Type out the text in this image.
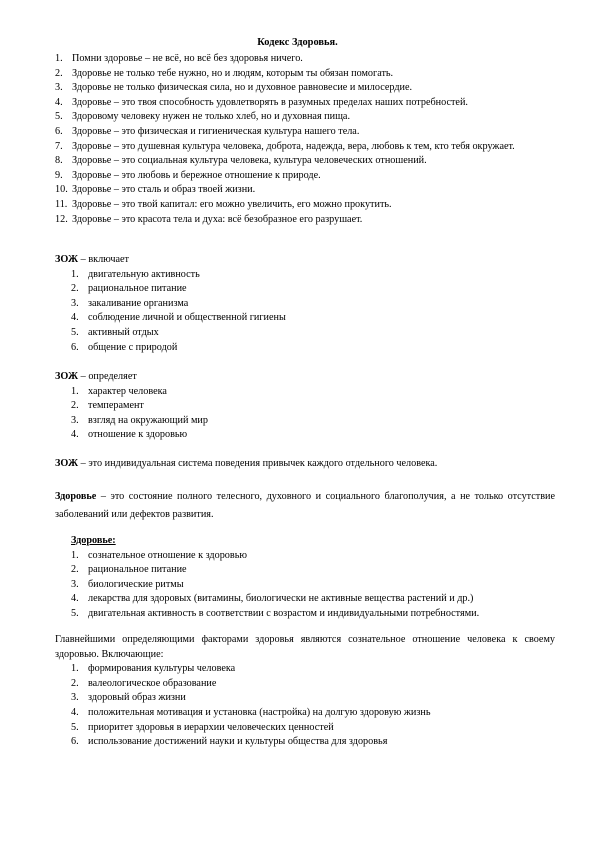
Кодекс Здоровья.
1. Помни здоровье – не всё, но всё без здоровья ничего.
2. Здоровье не только тебе нужно, но и людям, которым ты обязан помогать.
3. Здоровье не только физическая сила, но и духовное равновесие и милосердие.
4. Здоровье – это твоя способность удовлетворять в разумных пределах наших потребностей.
5. Здоровому человеку нужен не только хлеб, но и духовная пища.
6. Здоровье – это физическая и гигиеническая культура нашего тела.
7. Здоровье – это душевная культура человека, доброта, надежда, вера, любовь к тем, кто тебя окружает.
8. Здоровье – это социальная культура человека, культура человеческих отношений.
9. Здоровье – это любовь и бережное отношение к природе.
10. Здоровье – это сталь и образ твоей жизни.
11. Здоровье – это твой капитал: его можно увеличить, его можно прокутить.
12. Здоровье – это красота тела и духа: всё безобразное его разрушает.
ЗОЖ – включает
1. двигательную активность
2. рациональное питание
3. закаливание организма
4. соблюдение личной и общественной гигиены
5. активный отдых
6. общение с природой
ЗОЖ – определяет
1. характер человека
2. темперамент
3. взгляд на окружающий мир
4. отношение к здоровью
ЗОЖ – это индивидуальная система поведения привычек каждого отдельного человека.
Здоровье – это состояние полного телесного, духовного и социального благополучия, а не только отсутствие заболеваний или дефектов развития.
Здоровье:
1. сознательное отношение к здоровью
2. рациональное питание
3. биологические ритмы
4. лекарства для здоровых (витамины, биологически не активные вещества растений и др.)
5. двигательная активность в соответствии с возрастом и индивидуальными потребностями.
Главнейшими определяющими факторами здоровья являются сознательное отношение человека к своему здоровью. Включающие:
1. формирования культуры человека
2. валеологическое образование
3. здоровый образ жизни
4. положительная мотивация и установка (настройка) на долгую здоровую жизнь
5. приоритет здоровья в иерархии человеческих ценностей
6. использование достижений науки и культуры общества для здоровья
